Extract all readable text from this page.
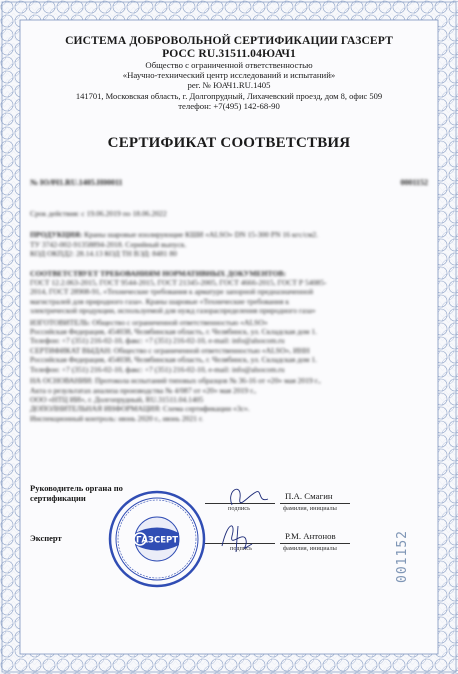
СИСТЕМА ДОБРОВОЛЬНОЙ СЕРТИФИКАЦИИ ГАЗСЕРТ
РОСС RU.31511.04ЮАЧ1
Общество с ограниченной ответственностью
«Научно-технический центр исследований и испытаний»
рег. № ЮАЧ1.RU.1405
141701, Московская область, г. Долгопрудный, Лихачевский проезд, дом 8, офис 509
телефон: +7(495) 142-68-90
СЕРТИФИКАТ СООТВЕТСТВИЯ
№ ЮАЧ1.RU.1405.Н00011	0001152
Срок действия: с 19.06.2019 по 18.06.2022
ПРОДУКЦИЯ: Краны шаровые изолирующие КШИ «ALSO» DN 15-300 PN 16 кгс/см2.
ТУ 3742-002-91358894-2018. Серийный выпуск.
КОД ОКПД2: 28.14.13 КОД ТН ВЭД: 8481 80
СООТВЕТСТВУЕТ ТРЕБОВАНИЯМ НОРМАТИВНЫХ ДОКУМЕНТОВ:
ГОСТ 12.2.063-2015, ГОСТ 9544-2015, ГОСТ 21345-2005, ГОСТ 4666-2015, ГОСТ Р 54085-
2014, ГОСТ 28908-91, «Технические требования к арматуре запорной предназначенной
магистралей для природного газа». Краны шаровые «Технические требования к
электрической продукции, используемой для нужд газораспределения природного газа»
ИЗГОТОВИТЕЛЬ: Общество с ограниченной ответственностью «ALSO»
Российская Федерация, 454038, Челябинская область, г. Челябинск, ул. Складская дом 1.
Телефон: +7 (351) 216-02-10, факс: +7 (351) 216-02-10, e-mail: info@alsocom.ru
СЕРТИФИКАТ ВЫДАН: Общество с ограниченной ответственностью «ALSO», ИНН
Российская Федерация, 454038, Челябинская область, г. Челябинск, ул. Складская дом 1.
Телефон: +7 (351) 216-02-10, факс: +7 (351) 216-02-10, e-mail: info@alsocom.ru
НА ОСНОВАНИИ: Протокола испытаний типовых образцов № 36-16 от «20» мая 2019 г.,
Акта о результатах анализа производства № 4/087 от «20» мая 2019 г.,
ООО «НТЦ ИИ», г. Долгопрудный, RU.31511.04.1405
ДОПОЛНИТЕЛЬНАЯ ИНФОРМАЦИЯ: Схема сертификации «3с».
Инспекционный контроль: июнь 2020 г., июнь 2021 г.
Руководитель органа по
сертификации
подпись
П.А. Смагин
фамилия, инициалы
Эксперт
подпись
Р.М. Антонов
фамилия, инициалы
ГАЗСЕРТ	001152
